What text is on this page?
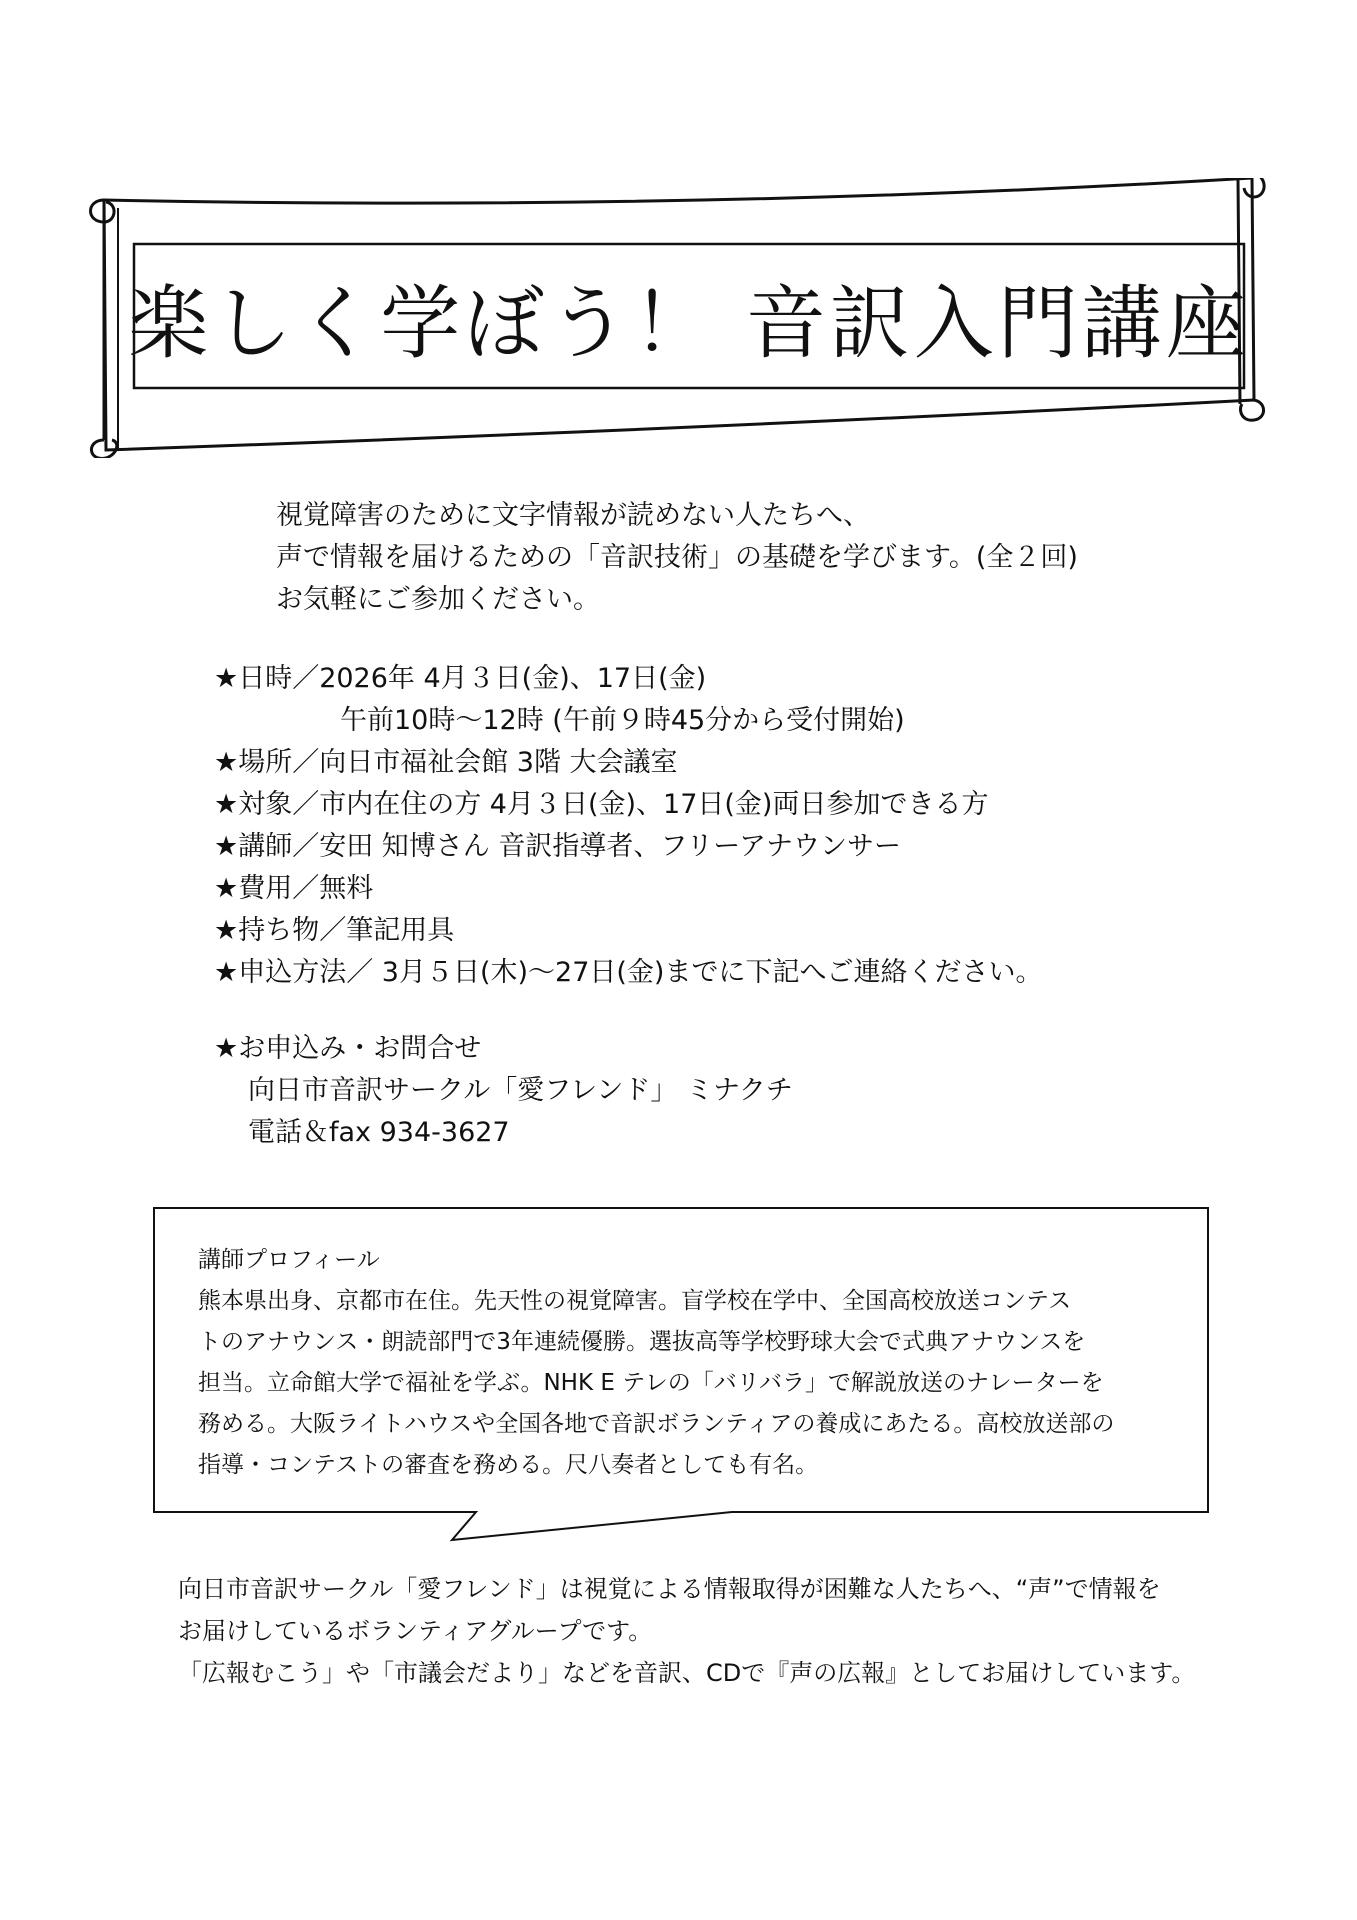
楽しく学ぼう！ 音訳入門講座

視覚障害のために文字情報が読めない人たちへ、

声で情報を届けるための「音訳技術」の基礎を学びます。(全２回)

お気軽にご参加ください。

★日時／2026年 4月３日(金)、17日(金)

午前10時～12時 (午前９時45分から受付開始)

★場所／向日市福祉会館 3階 大会議室

★対象／市内在住の方 4月３日(金)、17日(金)両日参加できる方

★講師／安田 知博さん 音訳指導者、フリーアナウンサー

★費用／無料

★持ち物／筆記用具

★申込方法／ 3月５日(木)～27日(金)までに下記へご連絡ください。

★お申込み・お問合せ

向日市音訳サークル「愛フレンド」 ミナクチ

電話＆fax 934-3627

講師プロフィール

熊本県出身、京都市在住。先天性の視覚障害。盲学校在学中、全国高校放送コンテス

トのアナウンス・朗読部門で3年連続優勝。選抜高等学校野球大会で式典アナウンスを

担当。立命館大学で福祉を学ぶ。NHK E テレの「バリバラ」で解説放送のナレーターを

務める。大阪ライトハウスや全国各地で音訳ボランティアの養成にあたる。高校放送部の

指導・コンテストの審査を務める。尺八奏者としても有名。

向日市音訳サークル「愛フレンド」は視覚による情報取得が困難な人たちへ、“声”で情報を

お届けしているボランティアグループです。

「広報むこう」や「市議会だより」などを音訳、CDで『声の広報』としてお届けしています。
